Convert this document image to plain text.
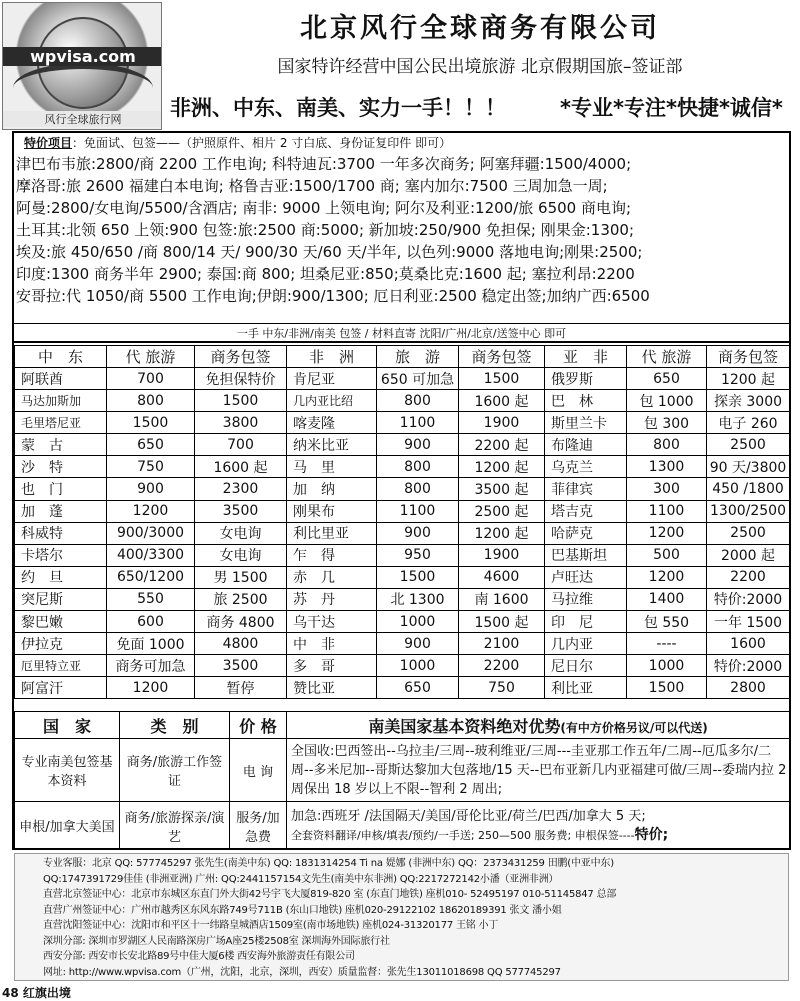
wpvisa.com
风行全球旅行网
北京风行全球商务有限公司
国家特许经营中国公民出境旅游 北京假期国旅–签证部
非洲、中东、南美、实力一手！！！	*专业*专注*快捷*诚信*
特价项目：免面试、包签——（护照原件、相片 2 寸白底、身份证复印件 即可）
津巴布韦旅:2800/商 2200 工作电询; 科特迪瓦:3700 一年多次商务; 阿塞拜疆:1500/4000;
摩洛哥:旅 2600 福建白本电询; 格鲁吉亚:1500/1700 商; 塞内加尔:7500 三周加急一周;
阿曼:2800/女电询/5500/含酒店; 南非: 9000 上领电询; 阿尔及利亚:1200/旅 6500 商电询;
土耳其:北领 650 上领:900 包签:旅:2500 商:5000; 新加坡:250/900 免担保; 刚果金:1300;
埃及:旅 450/650 /商 800/14 天/ 900/30 天/60 天/半年, 以色列:9000 落地电询;刚果:2500;
印度:1300 商务半年 2900; 泰国:商 800; 坦桑尼亚:850;莫桑比克:1600 起; 塞拉利昂:2200
安哥拉:代 1050/商 5500 工作电询;伊朗:900/1300; 厄日利亚:2500 稳定出签;加纳广西:6500
一手 中东/非洲/南美 包签 / 材料直寄 沈阳/广州/北京/送签中心 即可
中　东	代 旅游	商务包签	非　洲	旅　游	商务包签	亚　非	代 旅游	商务包签
阿联酋	700	免担保特价	肯尼亚	650 可加急	1500	俄罗斯	650	1200 起
马达加斯加	800	1500	几内亚比绍	800	1600 起	巴　林	包 1000	探亲 3000
毛里塔尼亚	1500	3800	喀麦隆	1100	1900	斯里兰卡	包 300	电子 260
蒙　古	650	700	纳米比亚	900	2200 起	布隆迪	800	2500
沙　特	750	1600 起	马　里	800	1200 起	乌克兰	1300	90 天/3800
也　门	900	2300	加　纳	800	3500 起	菲律宾	300	450 /1800
加　蓬	1200	3500	刚果布	1100	2500 起	塔吉克	1100	1300/2500
科威特	900/3000	女电询	利比里亚	900	1200 起	哈萨克	1200	2500
卡塔尔	400/3300	女电询	乍　得	950	1900	巴基斯坦	500	2000 起
约　旦	650/1200	男 1500	赤　几	1500	4600	卢旺达	1200	2200
突尼斯	550	旅 2500	苏　丹	北 1300	南 1600	马拉维	1400	特价:2000
黎巴嫩	600	商务 4800	乌干达	1000	1500 起	印　尼	包 550	一年 1500
伊拉克	免面 1000	4800	中　非	900	2100	几内亚	----	1600
厄里特立亚	商务可加急	3500	多　哥	1000	2200	尼日尔	1000	特价:2000
阿富汗	1200	暂停	赞比亚	650	750	利比亚	1500	2800
国　家	类　别	价 格	南美国家基本资料绝对优势(有中方价格另议/可以代送)
专业南美包签基本资料	商务/旅游工作签证	电 询	全国收:巴西签出--乌拉圭/三周--玻利维亚/三周---圭亚那工作五年/二周--厄瓜多尔/二周--多米尼加--哥斯达黎加大包落地/15 天--巴布亚新几内亚福建可做/三周--委瑞内拉 2 周保出 18 岁以上不限--智利 2 周出;
申根/加拿大美国	商务/旅游探亲/演艺	服务/加急费	加急:西班牙 /法国隔天/美国/哥伦比亚/荷兰/巴西/加拿大 5 天;
全套资料翻译/申核/填表/预约/一手送; 250—500 服务费; 申根保签----特价;
专业客服：北京 QQ: 577745297 张先生(南美中东) QQ: 1831314254 Ti na 媞娜 (非洲中东) QQ：2373431259 田鹏(中亚中东)
QQ:1747391729佳佳 (非洲亚洲) 广州: QQ:2441157154文先生(南美中东非洲) QQ:2217272142小潘（亚洲非洲）
直营北京签证中心：北京市东城区东直门外大街42号宇飞大厦819-820 室 (东直门地铁) 座机010- 52495197 010-51145847 总部
直营广州签证中心：广州市越秀区东风东路749号711B (东山口地铁) 座机020-29122102 18620189391 张文 潘小姐
直营沈阳签证中心：沈阳市和平区十一纬路皇城酒店1509室(南市场地铁) 座机024-31320177 王铭 小丁
深圳分部: 深圳市罗湖区人民南路深房广场A座25楼2508室 深圳海外国际旅行社
西安分部: 西安市长安北路89号中佳大厦6楼 西安海外旅游责任有限公司
网址: http://www.wpvisa.com（广州，沈阳，北京，深圳，西安）质量监督：张先生13011018698 QQ 577745297
48 红旗出境
